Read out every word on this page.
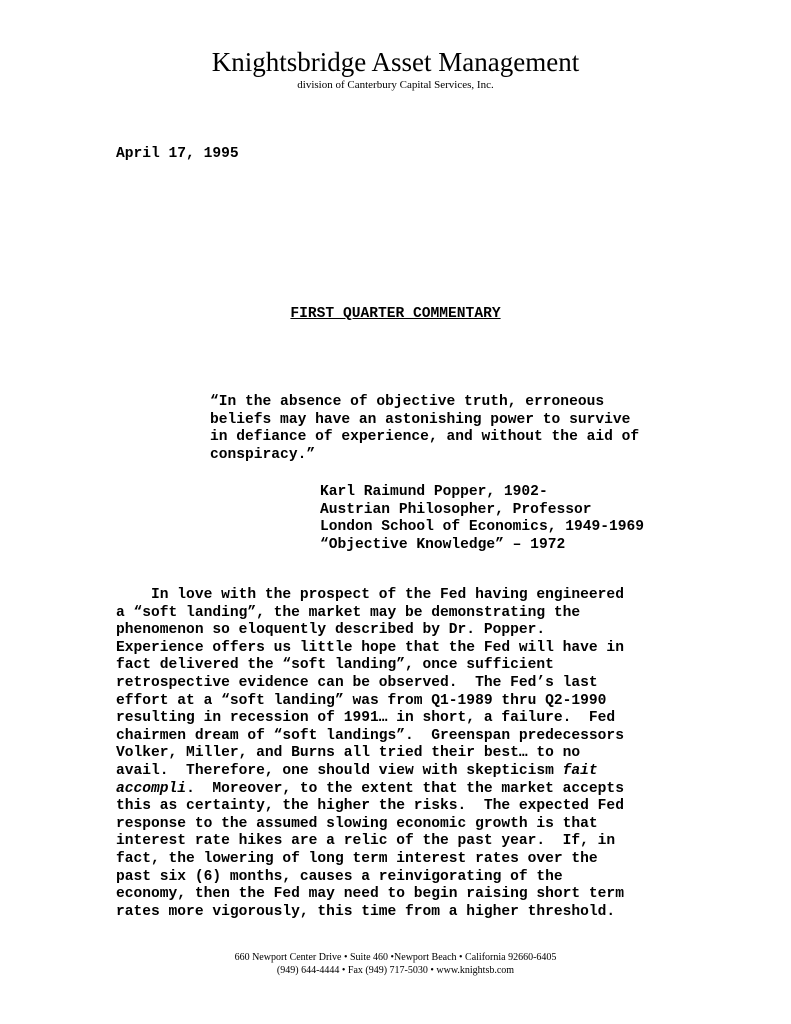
Knightsbridge Asset Management
division of Canterbury Capital Services, Inc.
April 17, 1995
FIRST QUARTER COMMENTARY
“In the absence of objective truth, erroneous
beliefs may have an astonishing power to survive
in defiance of experience, and without the aid of
conspiracy.”
Karl Raimund Popper, 1902-
Austrian Philosopher, Professor
London School of Economics, 1949-1969
“Objective Knowledge” – 1972
In love with the prospect of the Fed having engineered
a “soft landing”, the market may be demonstrating the
phenomenon so eloquently described by Dr. Popper.
Experience offers us little hope that the Fed will have in
fact delivered the “soft landing”, once sufficient
retrospective evidence can be observed.  The Fed’s last
effort at a “soft landing” was from Q1-1989 thru Q2-1990
resulting in recession of 1991… in short, a failure.  Fed
chairmen dream of “soft landings”.  Greenspan predecessors
Volker, Miller, and Burns all tried their best… to no
avail.  Therefore, one should view with skepticism fait
accompli.  Moreover, to the extent that the market accepts
this as certainty, the higher the risks.  The expected Fed
response to the assumed slowing economic growth is that
interest rate hikes are a relic of the past year.  If, in
fact, the lowering of long term interest rates over the
past six (6) months, causes a reinvigorating of the
economy, then the Fed may need to begin raising short term
rates more vigorously, this time from a higher threshold.
660 Newport Center Drive • Suite 460 •Newport Beach • California 92660-6405
(949) 644-4444 • Fax (949) 717-5030 • www.knightsb.com
